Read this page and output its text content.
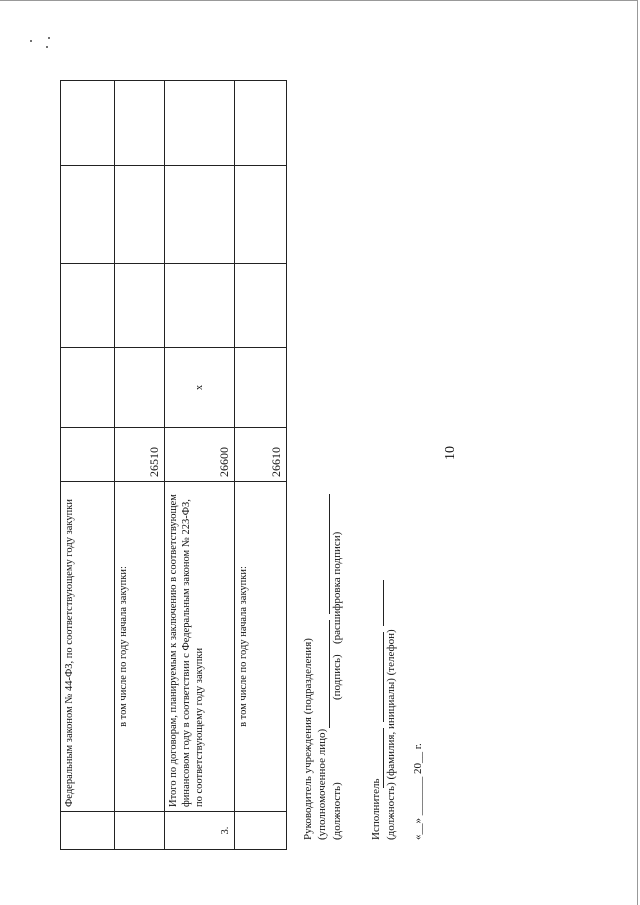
10
	Федеральным законом № 44-ФЗ, по соответствующему году закупки					
	в том числе по году начала закупки:	26510				
3.	Итого по договорам, планируемым к заключению в соответствующем финансовом году в соответствии с Федеральным законом № 223-ФЗ, по соответствующему году закупки	26600	х			
	в том числе по году начала закупки:	26610				
Руководитель учреждения (подразделения) (уполномоченное лицо) (должность)
(подпись)
(расшифровка подписи)
Исполнитель (должность) (фамилия, инициалы) (телефон) «__» _______ 20__ г.
